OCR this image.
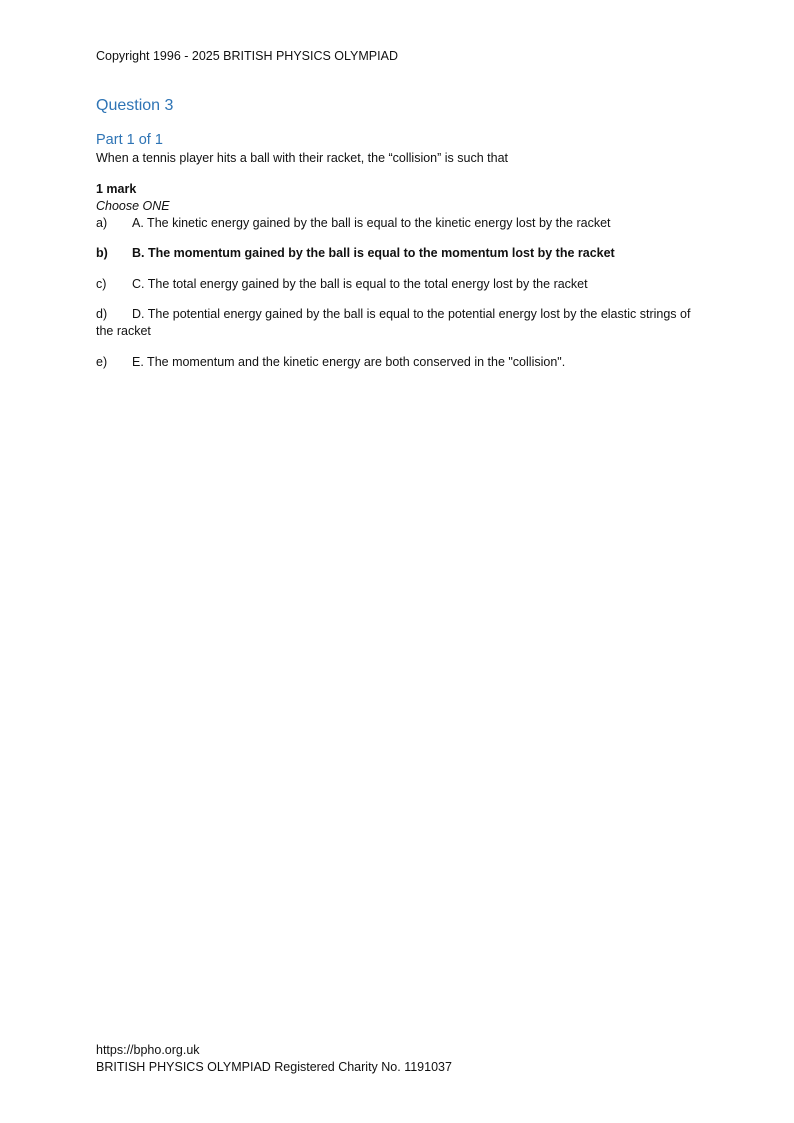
Copyright 1996 - 2025 BRITISH PHYSICS OLYMPIAD
Question 3
Part 1 of 1
When a tennis player hits a ball with their racket, the “collision” is such that
1 mark
Choose ONE
a) A. The kinetic energy gained by the ball is equal to the kinetic energy lost by the racket
b) B. The momentum gained by the ball is equal to the momentum lost by the racket
c) C. The total energy gained by the ball is equal to the total energy lost by the racket
d) D. The potential energy gained by the ball is equal to the potential energy lost by the elastic strings of the racket
e) E. The momentum and the kinetic energy are both conserved in the "collision".
https://bpho.org.uk
BRITISH PHYSICS OLYMPIAD Registered Charity No. 1191037
